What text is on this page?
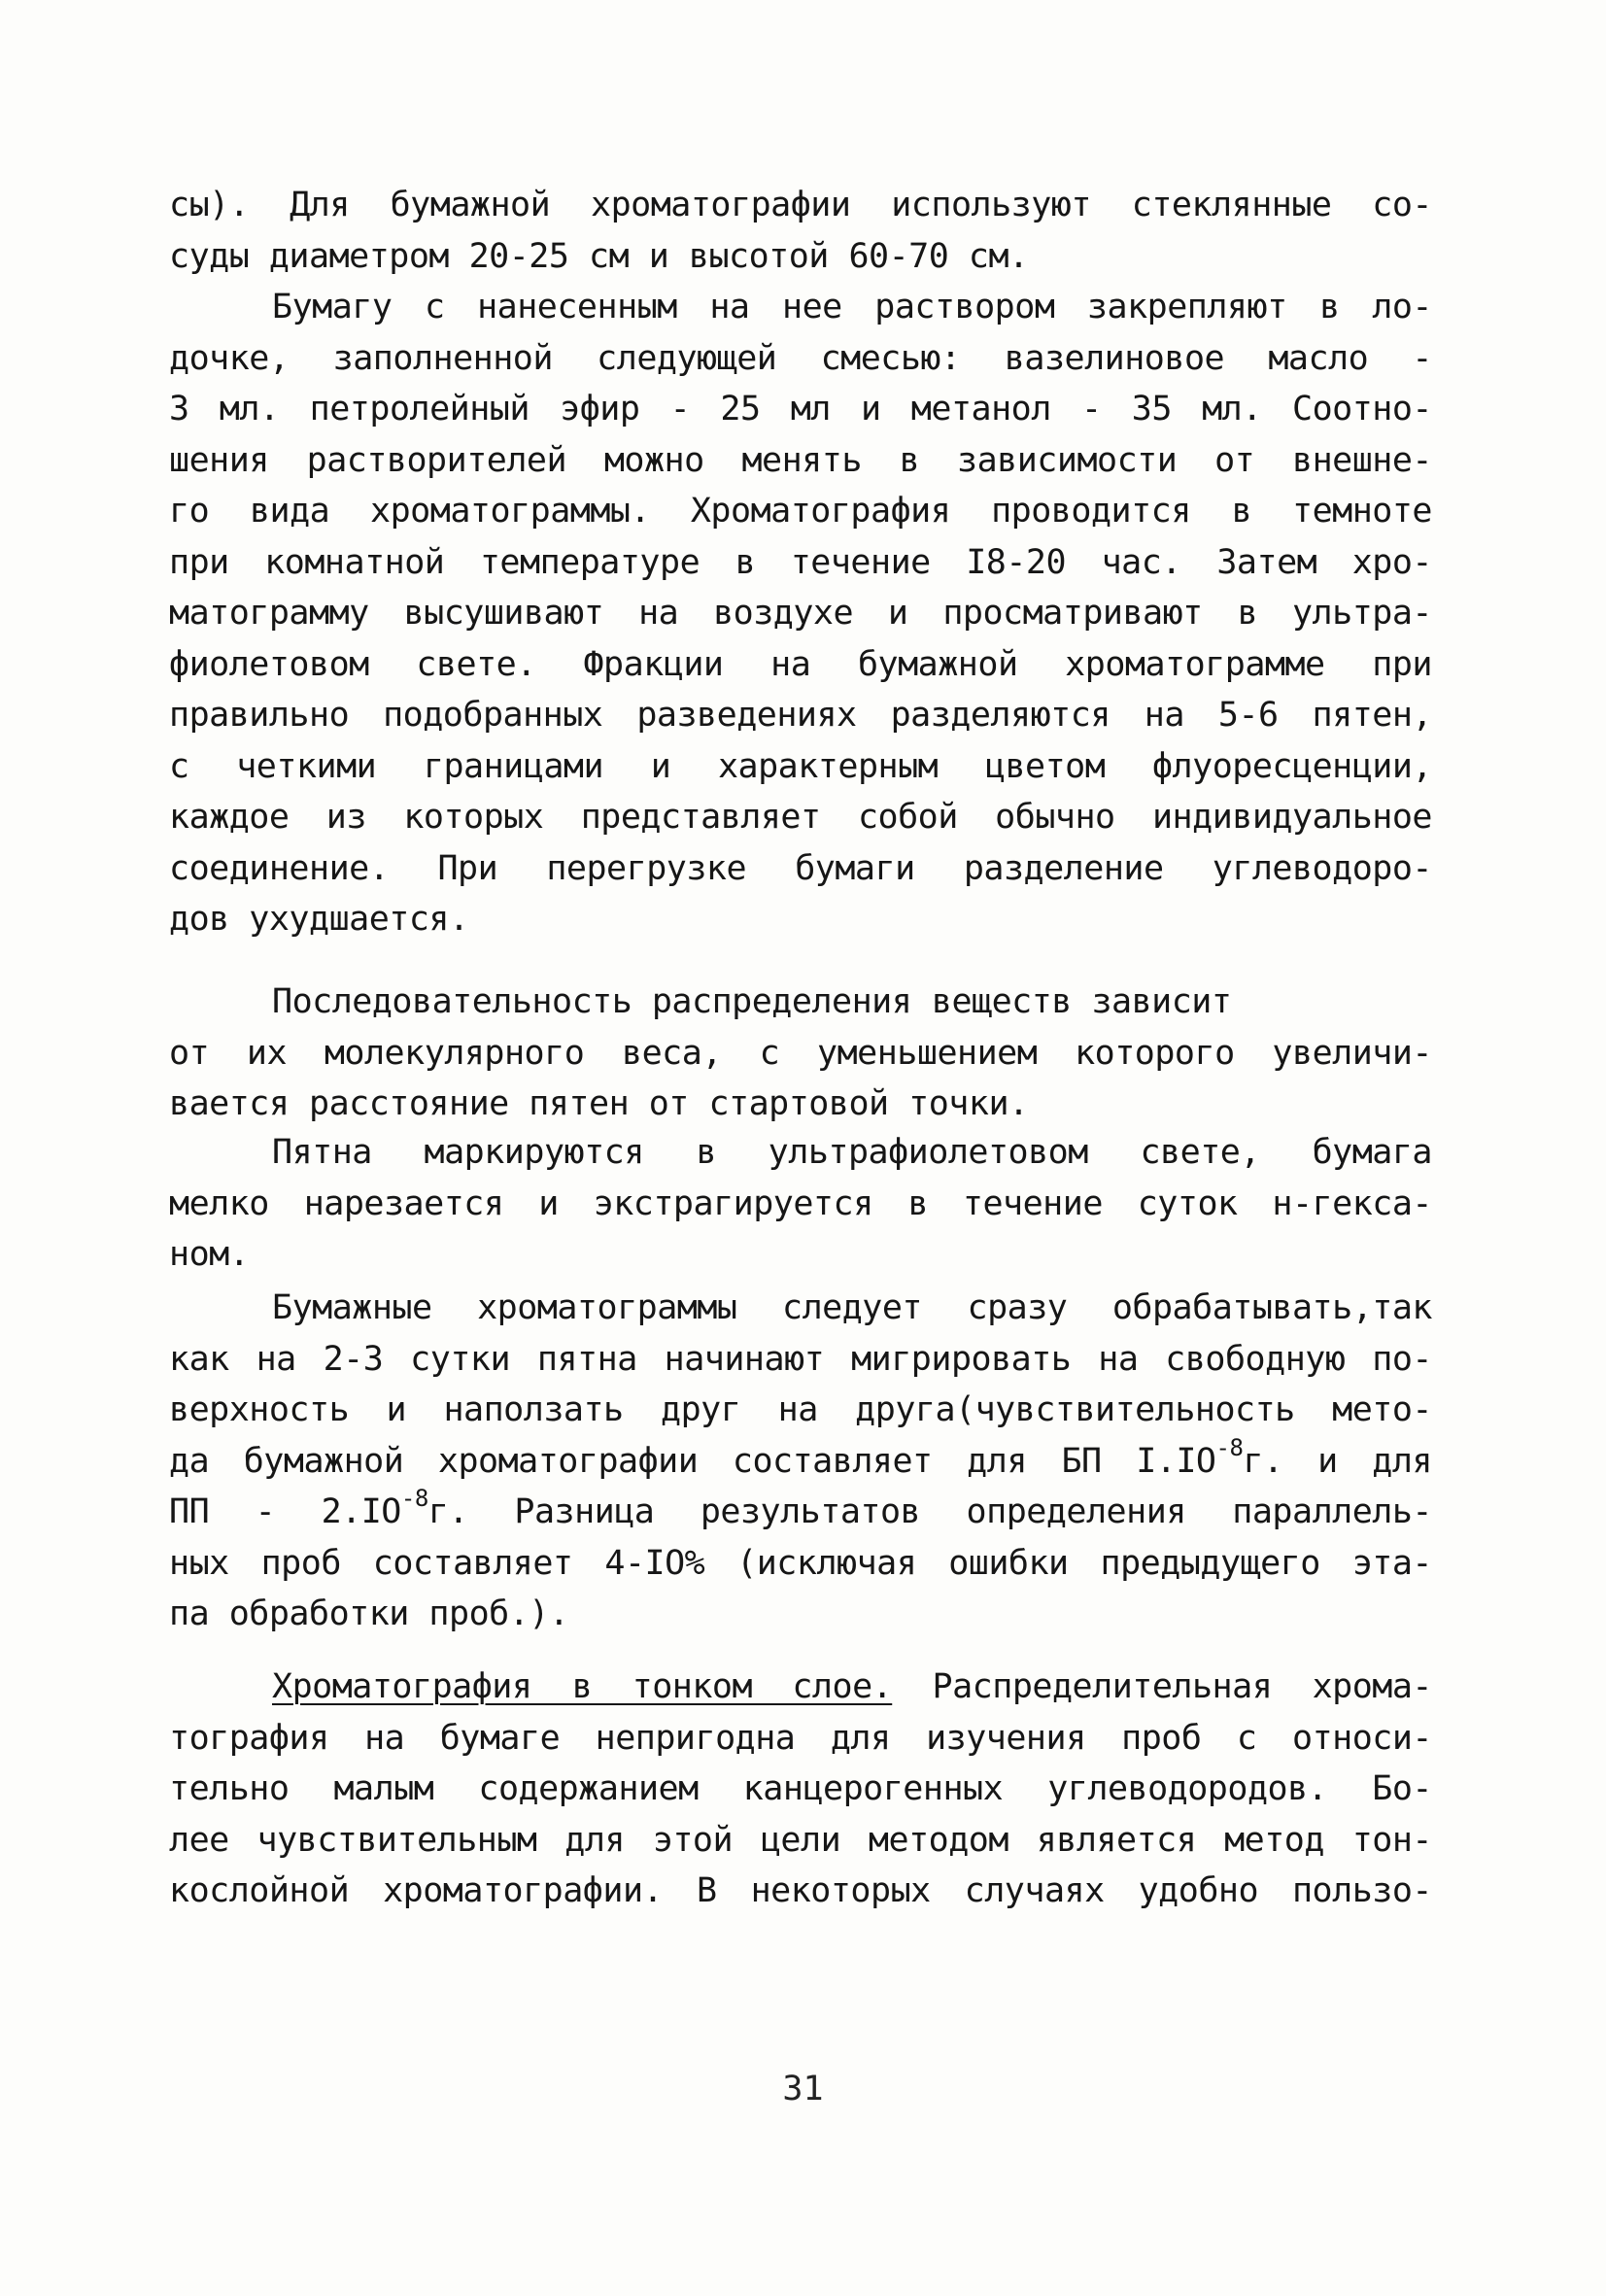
сы). Для бумажной хроматографии используют стеклянные со-
суды диаметром 20-25 см и высотой 60-70 см.
Бумагу с нанесенным на нее раствором закрепляют в ло-
дочке, заполненной следующей смесью: вазелиновое масло -
3 мл. петролейный эфир - 25 мл и метанол - 35 мл. Соотно-
шения растворителей можно менять в зависимости от внешне-
го вида хроматограммы. Хроматография проводится в темноте
при комнатной температуре в течение I8-20 час. Затем хро-
матограмму высушивают на воздухе и просматривают в ультра-
фиолетовом свете. Фракции на бумажной хроматограмме при
правильно подобранных разведениях разделяются на 5-6 пятен,
с четкими границами и характерным цветом флуоресценции,
каждое из которых представляет собой обычно индивидуальное
соединение. При перегрузке бумаги разделение углеводоро-
дов ухудшается.
Последовательность распределения веществ зависит
от их молекулярного веса, с уменьшением которого увеличи-
вается расстояние пятен от стартовой точки.
Пятна маркируются в ультрафиолетовом свете, бумага
мелко нарезается и экстрагируется в течение суток н-гекса-
ном.
Бумажные хроматограммы следует сразу обрабатывать,так
как на 2-3 сутки пятна начинают мигрировать на свободную по-
верхность и наползать друг на друга(чувствительность мето-
да бумажной хроматографии составляет для БП $I.IO^{-8}г$. и для
ПП - $2.IO^{-8}г$. Разница результатов определения параллель-
ных проб составляет 4-IO% (исключая ошибки предыдущего эта-
па обработки проб.).
Хроматография в тонком слое. Распределительная хрома-
тография на бумаге непригодна для изучения проб с относи-
тельно малым содержанием канцерогенных углеводородов. Бо-
лее чувствительным для этой цели методом является метод тон-
кослойной хроматографии. В некоторых случаях удобно пользо-
31
